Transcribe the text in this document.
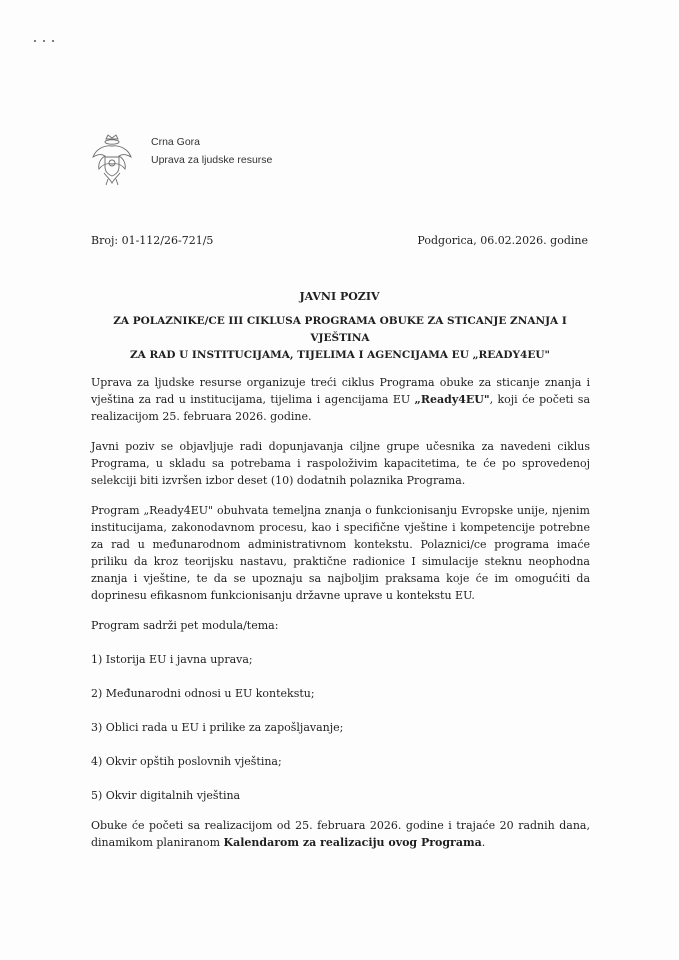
Crna Gora
Uprava za ljudske resurse
Broj: 01-112/26-721/5	Podgorica, 06.02.2026. godine
JAVNI POZIV
ZA POLAZNIKE/CE III CIKLUSA PROGRAMA OBUKE ZA STICANJE ZNANJA I VJEŠTINA
ZA RAD U INSTITUCIJAMA, TIJELIMA I AGENCIJAMA EU „READY4EU"

Uprava za ljudske resurse organizuje treći ciklus Programa obuke za sticanje znanja i vještina za rad u institucijama, tijelima i agencijama EU „Ready4EU", koji će početi sa realizacijom 25. februara 2026. godine.

Javni poziv se objavljuje radi dopunjavanja ciljne grupe učesnika za navedeni ciklus Programa, u skladu sa potrebama i raspoloživim kapacitetima, te će po sprovedenoj selekciji biti izvršen izbor deset (10) dodatnih polaznika Programa.

Program „Ready4EU" obuhvata temeljna znanja o funkcionisanju Evropske unije, njenim institucijama, zakonodavnom procesu, kao i specifične vještine i kompetencije potrebne za rad u međunarodnom administrativnom kontekstu. Polaznici/ce programa imaće priliku da kroz teorijsku nastavu, praktične radionice I simulacije steknu neophodna znanja i vještine, te da se upoznaju sa najboljim praksama koje će im omogućiti da doprinesu efikasnom funkcionisanju državne uprave u kontekstu EU.

Program sadrži pet modula/tema:

1) Istorija EU i javna uprava;

2) Međunarodni odnosi u EU kontekstu;

3) Oblici rada u EU i prilike za zapošljavanje;

4) Okvir opštih poslovnih vještina;

5) Okvir digitalnih vještina

Obuke će početi sa realizacijom od 25. februara 2026. godine i trajaće 20 radnih dana, dinamikom planiranom Kalendarom za realizaciju ovog Programa.
